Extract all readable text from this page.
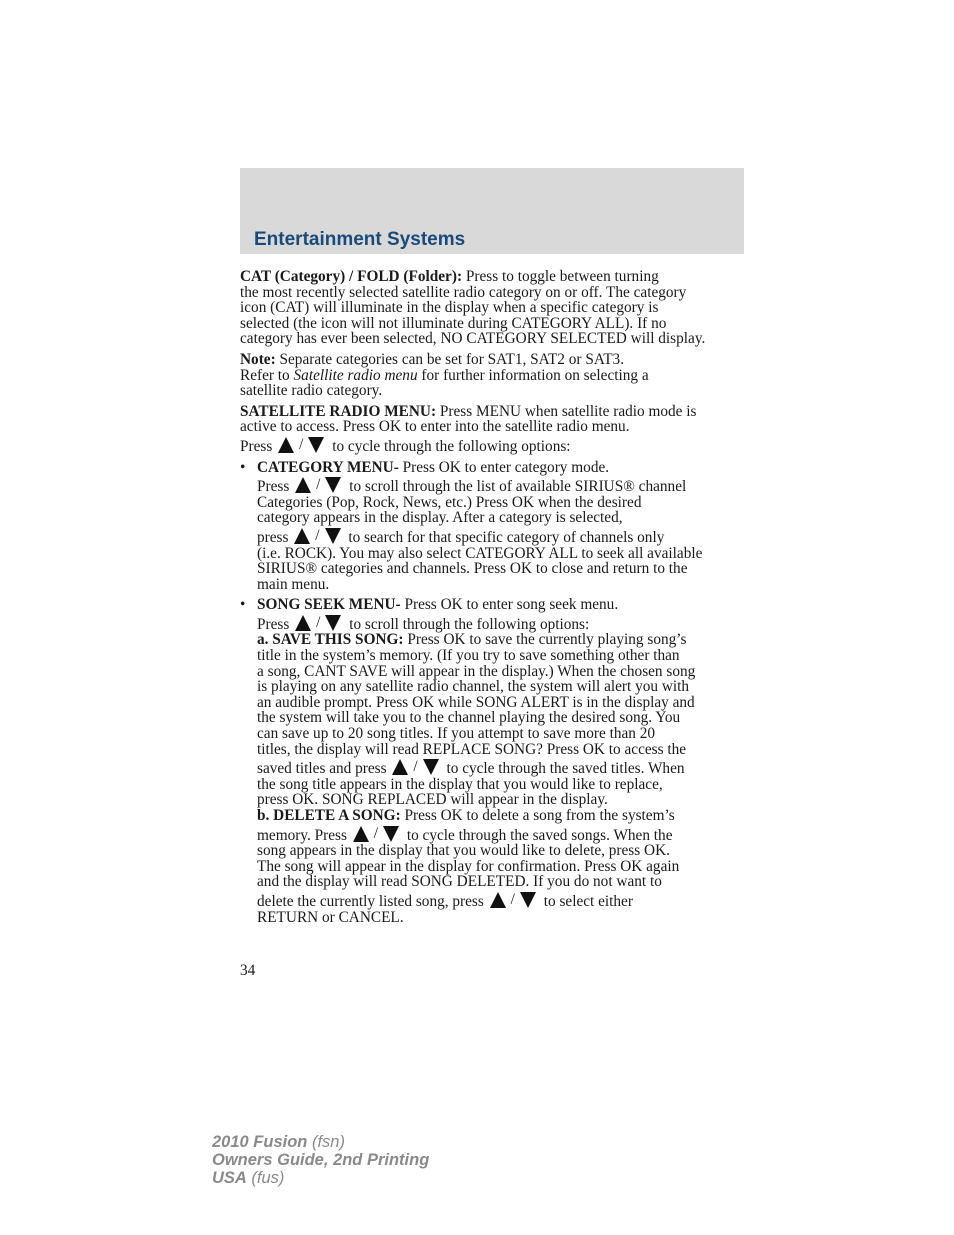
Entertainment Systems

CAT (Category) / FOLD (Folder): Press to toggle between turning
the most recently selected satellite radio category on or off. The category
icon (CAT) will illuminate in the display when a specific category is
selected (the icon will not illuminate during CATEGORY ALL). If no
category has ever been selected, NO CATEGORY SELECTED will display.

Note: Separate categories can be set for SAT1, SAT2 or SAT3.
Refer to Satellite radio menu for further information on selecting a
satellite radio category.

SATELLITE RADIO MENU: Press MENU when satellite radio mode is
active to access. Press OK to enter into the satellite radio menu.

Press / to cycle through the following options:

• CATEGORY MENU- Press OK to enter category mode.

Press / to scroll through the list of available SIRIUS® channel
Categories (Pop, Rock, News, etc.) Press OK when the desired
category appears in the display. After a category is selected,

press / to search for that specific category of channels only
(i.e. ROCK). You may also select CATEGORY ALL to seek all available
SIRIUS® categories and channels. Press OK to close and return to the
main menu.
• SONG SEEK MENU- Press OK to enter song seek menu.

Press / to scroll through the following options:
a. SAVE THIS SONG: Press OK to save the currently playing song’s
title in the system’s memory. (If you try to save something other than
a song, CANT SAVE will appear in the display.) When the chosen song
is playing on any satellite radio channel, the system will alert you with
an audible prompt. Press OK while SONG ALERT is in the display and
the system will take you to the channel playing the desired song. You
can save up to 20 song titles. If you attempt to save more than 20
titles, the display will read REPLACE SONG? Press OK to access the

saved titles and press / to cycle through the saved titles. When
the song title appears in the display that you would like to replace,
press OK. SONG REPLACED will appear in the display.
b. DELETE A SONG: Press OK to delete a song from the system’s

memory. Press / to cycle through the saved songs. When the
song appears in the display that you would like to delete, press OK.
The song will appear in the display for confirmation. Press OK again
and the display will read SONG DELETED. If you do not want to

delete the currently listed song, press / to select either
RETURN or CANCEL.
34
2010 Fusion (fsn)
Owners Guide, 2nd Printing
USA (fus)
